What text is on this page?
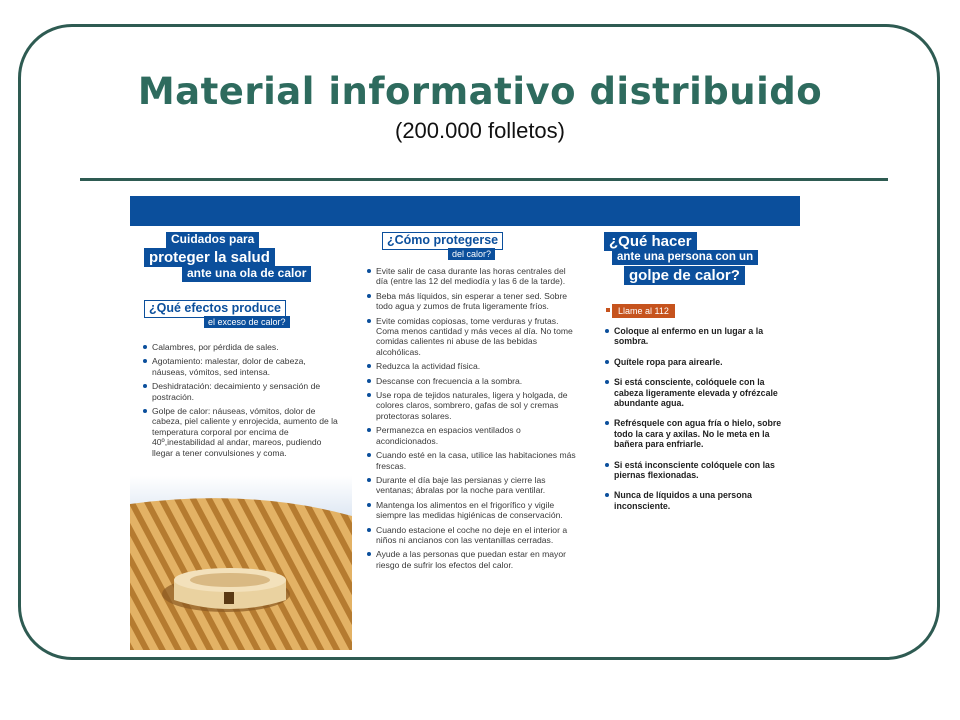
Material informativo distribuido
(200.000 folletos)
Cuidados para
proteger la salud
ante una ola de calor
¿Qué efectos produce
el exceso de calor?
Calambres, por pérdida de sales.
Agotamiento: malestar, dolor de cabeza, náuseas, vómitos, sed intensa.
Deshidratación: decaimiento y sensación de postración.
Golpe de calor: náuseas, vómitos, dolor de cabeza, piel caliente y enrojecida, aumento de la temperatura corporal por encima de 40º,inestabilidad al andar, mareos, pudiendo llegar a tener convulsiones y coma.
¿Cómo protegerse
del calor?
Evite salir de casa durante las horas centrales del día (entre las 12 del mediodía y las 6 de la tarde).
Beba más líquidos, sin esperar a tener sed. Sobre todo agua y zumos de fruta ligeramente fríos.
Evite comidas copiosas, tome verduras y frutas. Coma menos cantidad y más veces al día. No tome comidas calientes ni abuse de las bebidas alcohólicas.
Reduzca la actividad física.
Descanse con frecuencia a la sombra.
Use ropa de tejidos naturales, ligera y holgada, de colores claros, sombrero, gafas de sol y cremas protectoras solares.
Permanezca en espacios ventilados o acondicionados.
Cuando esté en la casa, utilice las habitaciones más frescas.
Durante el día baje las persianas y cierre las ventanas; ábralas por la noche para ventilar.
Mantenga los alimentos en el frigorífico y vigile siempre las medidas higiénicas de conservación.
Cuando estacione el coche no deje en el interior a niños ni ancianos con las ventanillas cerradas.
Ayude a las personas que puedan estar en mayor riesgo de sufrir los efectos del calor.
¿Qué hacer
ante una persona con un
golpe de calor?
Llame al 112
Coloque al enfermo en un lugar a la sombra.
Quítele ropa para airearle.
Si está consciente, colóquele con la cabeza ligeramente elevada y ofrézcale abundante agua.
Refrésquele con agua fría o hielo, sobre todo la cara y axilas. No le meta en la bañera para enfriarle.
Si está inconsciente colóquele con las piernas flexionadas.
Nunca de líquidos a una persona inconsciente.
